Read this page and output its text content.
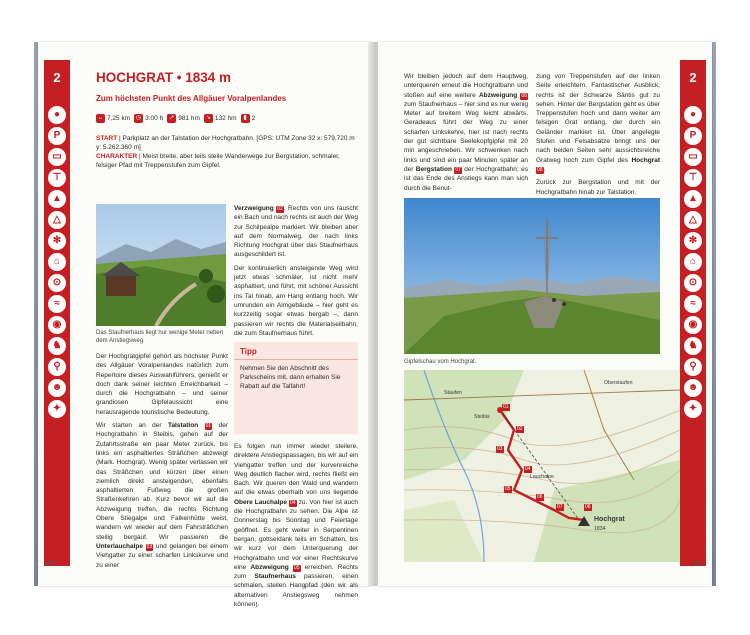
2
●
P
▭
⊤
▲
△
✻
⌂
⊙
≈
◉
♞
⚲
☻
✦
HOCHGRAT • 1834 m
Zum höchsten Punkt des Allgäuer Voralpenlandes
↔ 7,25 km ◷ 3:00 h ↗ 981 hm ↘ 132 hm	▮ 2
START | Parkplatz an der Talstation der Hochgratbahn. [GPS: UTM Zone 32 x: 579.720 m y: 5.262.360 m]
CHARAKTER | Meist breite, aber teils steile Wanderwege zur Bergstation, schmaler, felsiger Pfad mit Treppenstufen zum Gipfel.
Das Staufnerhaus liegt nur wenige Meter neben dem Anstiegsweg.

Der Hochgratgipfel gehört als höchster Punkt des Allgäuer Voralpenlandes natürlich zum Repertoire dieses Auswahlführers, genießt er doch dank seiner leichten Erreichbarkeit – durch die Hochgratbahn – und seiner grandiosen Gipfelaussicht eine herausragende touristische Bedeutung.

Wir starten an der Talstation 01 der Hochgratbahn in Steibis, gehen auf der Zufahrtsstraße ein paar Meter zurück, bis links ein asphaltiertes Sträßchen abzweigt (Mark. Hochgrat). Wenig später verlassen wir das Sträßchen und kürzen über einen ziemlich direkt ansteigenden, ebenfalls asphaltierten Fußweg die großen Straßenkehren ab. Kurz bevor wir auf die Abzweigung treffen, die rechts Richtung Obere Stiegalpe und Falkenhütte weist, wandern wir wieder auf dem Fahrsträßchen steilig bergauf. Wir passieren die Unterlauchalpe 03 und gelangen bei einem Viehgatter zu einer scharfen Linkskurve und zu einer

Verzweigung 02. Rechts von uns rauscht ein Bach und nach rechts ist auch der Weg zur Schilpealpe markiert. Wir bleiben aber auf dem Normalweg, der nach links Richtung Hochgrat über das Staufnerhaus ausgeschildert ist.

Der kontinuierlich ansteigende Weg wird jetzt etwas schmäler, ist nicht mehr asphaltiert, und führt, mit schöner Aussicht ins Tal hinab, am Hang entlang hoch. Wir umrunden ein Almgebäude – hier geht es kurzzeitig sogar etwas bergab –, dann passieren wir rechts die Materialseilbahn, die zum Staufnerhaus führt.

Tipp
Nehmen Sie den Abschnitt des Parkscheins mit, dann erhalten Sie Rabatt auf die Talfahrt!

Es folgen nun immer wieder steilere, direktere Anstiegspassagen, bis wir auf ein Viehgatter treffen und der kurvenreiche Weg deutlich flacher wird, rechts fließt ein Bach. Wir queren den Wald und wandern auf die etwas oberhalb von uns liegende Obere Lauchalpe 04 zu. Von hier ist auch die Hochgratbahn zu sehen. Die Alpe ist Donnerstag bis Sonntag und Feiertage geöffnet. Es geht weiter in Serpentinen bergan, gottseidank teils im Schatten, bis wir kurz vor dem Unterquerung der Hochgratbahn und vor einer Rechtskurve eine Abzweigung 05 erreichen. Rechts zum Staufnerhaus passieren, einen schmalen, steilen Hangpfad (den wir als alternativen Anstiegsweg nehmen können).

20
2
●
P
▭
⊤
▲
△
✻
⌂
⊙
≈
◉
♞
⚲
☻
✦

Wir bleiben jedoch auf dem Hauptweg, unterqueren erneut die Hochgratbahn und stoßen auf eine weitere Abzweigung 06 zum Staufnerhaus – hier sind es nur wenig Meter auf breitem Weg leicht abwärts. Geradeaus führt der Weg zu einer scharfen Linkskehre, hier ist nach rechts der gut sichtbare Seelekopfgipfel mit 20 min angeschrieben. Wir schwenken nach links und sind ein paar Minuten später an der Bergstation 07 der Hochgratbahn; es ist das Ende des Anstiegs kann man sich durch die Benut-

zung von Treppenstufen auf der linken Seite erleichtern. Fantastischer Ausblick, rechts ist der Schwarze Säntis gut zu sehen. Hinter der Bergstation geht es über Treppenstufen hoch und dann weiter am felsigen Grat entlang, der durch ein Geländer markiert ist. Über angelegte Stufen und Felsabsätze bringt uns der nach beiden Seiten sehr aussichtsreiche Gratweg hoch zum Gipfel des Hochgrat 08.

Zurück zur Bergstation und mit der Hochgratbahn hinab zur Talstation.

Gipfelschau vom Hochgrat.
01
02
03
04
05
06
07	08
Hochgrat
1834
Staufen
Oberstaufen
Steibis
Lauchalpe
21
